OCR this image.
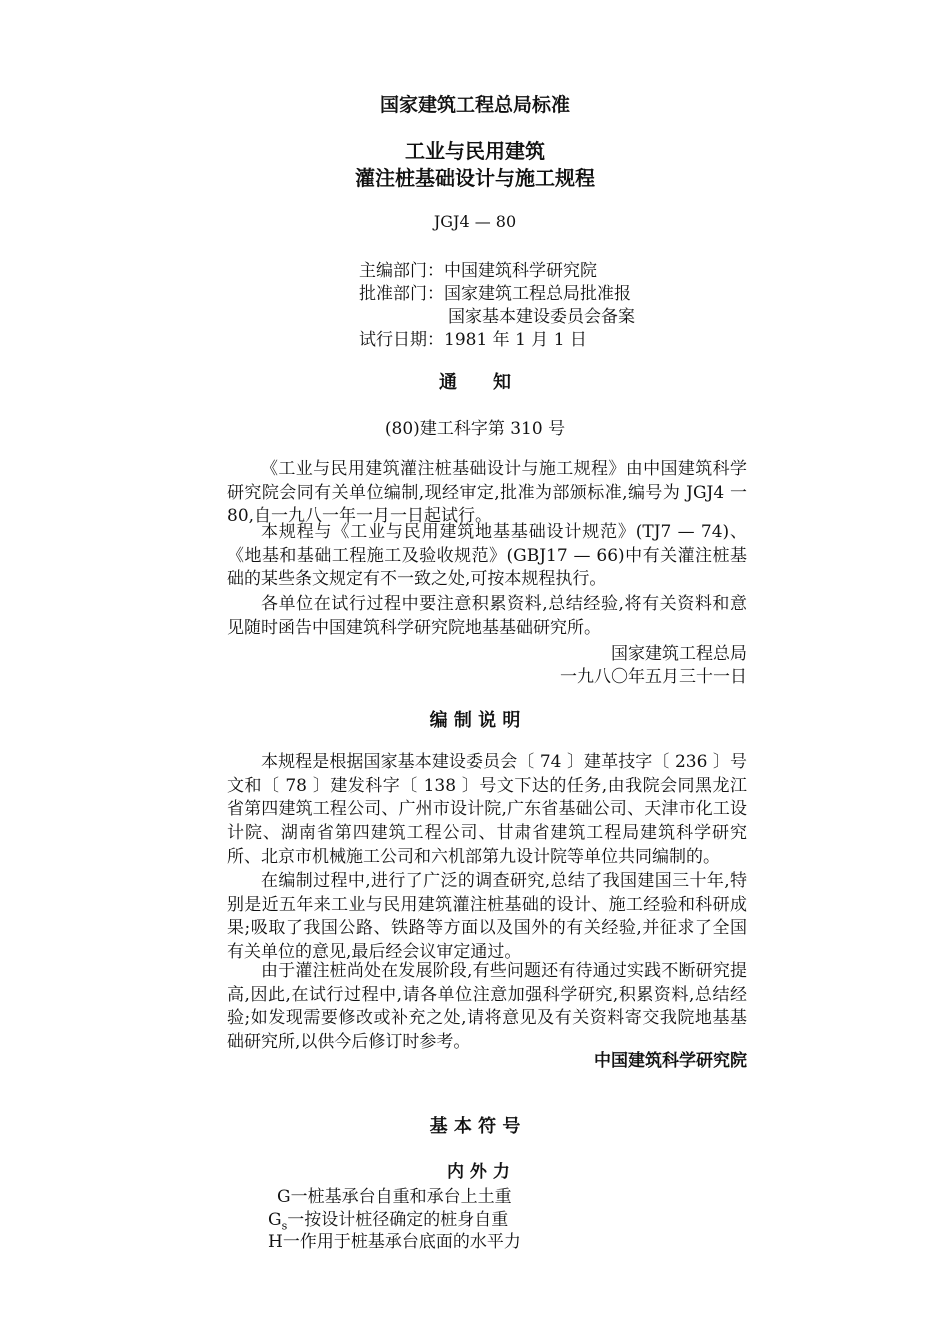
国家建筑工程总局标准
工业与民用建筑
灌注桩基础设计与施工规程
JGJ4 — 80
主编部门：中国建筑科学研究院
批准部门：国家建筑工程总局批准报
国家基本建设委员会备案
试行日期：1981 年 1 月 1 日
通　　知
(80)建工科字第 310 号

《工业与民用建筑灌注桩基础设计与施工规程》由中国建筑科学研究院会同有关单位编制,现经审定,批准为部颁标准,编号为 JGJ4 一 80,自一九八一年一月一日起试行。

本规程与《工业与民用建筑地基基础设计规范》(TJ7 — 74)、《地基和基础工程施工及验收规范》(GBJ17 — 66)中有关灌注桩基础的某些条文规定有不一致之处,可按本规程执行。

各单位在试行过程中要注意积累资料,总结经验,将有关资料和意见随时函告中国建筑科学研究院地基基础研究所。

国家建筑工程总局
一九八〇年五月三十一日
编 制 说 明

本规程是根据国家基本建设委员会〔 74 〕建革技字〔 236 〕号文和〔 78 〕建发科字〔 138 〕号文下达的任务,由我院会同黑龙江省第四建筑工程公司、广州市设计院,广东省基础公司、天津市化工设计院、湖南省第四建筑工程公司、甘肃省建筑工程局建筑科学研究所、北京市机械施工公司和六机部第九设计院等单位共同编制的。

在编制过程中,进行了广泛的调查研究,总结了我国建国三十年,特别是近五年来工业与民用建筑灌注桩基础的设计、施工经验和科研成果;吸取了我国公路、铁路等方面以及国外的有关经验,并征求了全国有关单位的意见,最后经会议审定通过。

由于灌注桩尚处在发展阶段,有些问题还有待通过实践不断研究提高,因此,在试行过程中,请各单位注意加强科学研究,积累资料,总结经验;如发现需要修改或补充之处,请将意见及有关资料寄交我院地基基础研究所,以供今后修订时参考。

中国建筑科学研究院
基 本 符 号
内 外 力
G一桩基承台自重和承台上土重
$G_s$一按设计桩径确定的桩身自重
H一作用于桩基承台底面的水平力
